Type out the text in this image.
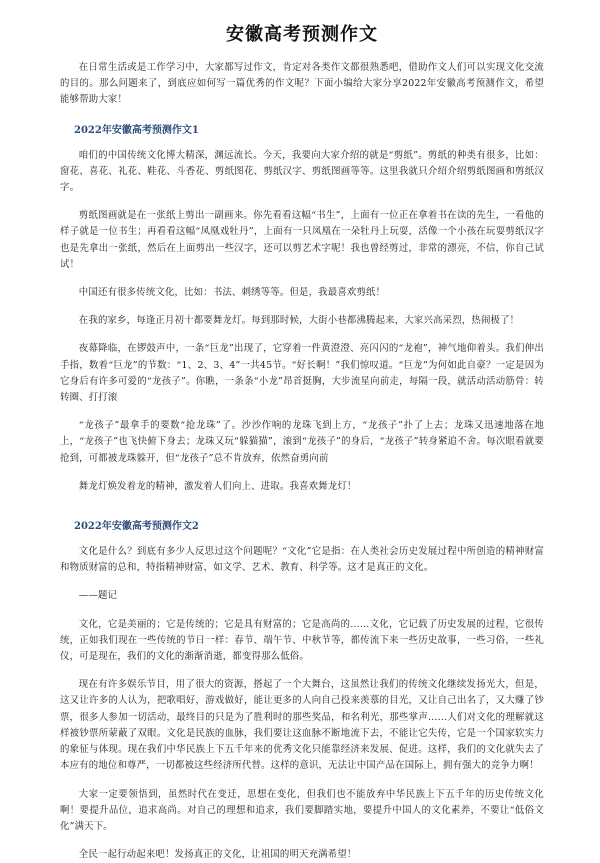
安徽高考预测作文

在日常生活或是工作学习中，大家都写过作文，肯定对各类作文都很熟悉吧，借助作文人们可以实现文化交流的目的。那么问题来了，到底应如何写一篇优秀的作文呢？下面小编给大家分享2022年安徽高考预测作文，希望能够帮助大家！

2022年安徽高考预测作文1

咱们的中国传统文化博大精深，渊远流长。今天，我要向大家介绍的就是“剪纸”。剪纸的种类有很多，比如：窗花、喜花、礼花、鞋花、斗香花、剪纸图花、剪纸汉字、剪纸图画等等。这里我就只介绍介绍剪纸图画和剪纸汉字。

剪纸图画就是在一张纸上剪出一副画来。你先看看这幅“书生”，上面有一位正在拿着书在读的先生，一看他的样子就是一位书生；再看看这幅“凤凰戏牡丹”，上面有一只凤凰在一朵牡丹上玩耍，活像一个小孩在玩耍剪纸汉字也是先拿出一张纸，然后在上面剪出一些汉字，还可以剪艺术字呢！我也曾经剪过，非常的漂亮，不信，你自己试试！

中国还有很多传统文化，比如：书法、刺绣等等。但是，我最喜欢剪纸！

在我的家乡，每逢正月初十都要舞龙灯。每到那时候，大街小巷都沸腾起来，大家兴高采烈，热闹极了！

夜幕降临，在锣鼓声中，一条“巨龙”出现了，它穿着一件黄澄澄、亮闪闪的“龙袍”，神气地仰着头。我们伸出手指，数着“巨龙”的节数：“1、2、3、4”一共45节。“好长啊！”我们惊叹道。“巨龙”为何如此自豪？一定是因为它身后有许多可爱的“龙孩子”。你瞧，一条条“小龙”昂首挺胸，大步流星向前走，每隔一段，就活动活动筋骨：转转圈、打打滚

“龙孩子”最拿手的要数“抢龙珠”了。沙沙作响的龙珠飞到上方，“龙孩子”扑了上去；龙珠又迅速地落在地上，“龙孩子”也飞快俯下身去；龙珠又玩“躲猫猫”，滚到“龙孩子”的身后，“龙孩子”转身紧追不舍。每次眼看就要抢到，可都被龙珠躲开，但“龙孩子”总不肯放弃，依然奋勇向前

舞龙灯焕发着龙的精神，激发着人们向上、进取。我喜欢舞龙灯！

2022年安徽高考预测作文2

文化是什么？到底有多少人反思过这个问题呢？“文化”它是指：在人类社会历史发展过程中所创造的精神财富和物质财富的总和，特指精神财富，如文学、艺术、教育、科学等。这才是真正的文化。

——题记

文化，它是美丽的；它是传统的；它是具有财富的；它是高尚的……文化，它记载了历史发展的过程，它很传统，正如我们现在一些传统的节日一样：春节、端午节、中秋节等，都传流下来一些历史故事，一些习俗，一些礼仪，可是现在，我们的文化的渐渐消逝，都变得那么低俗。

现在有许多娱乐节目，用了很大的资源，搭起了一个大舞台，这虽然让我们的传统文化继续发扬光大，但是，这又让许多的人认为，把歌唱好，游戏做好，能让更多的人向自己投来羡慕的目光，又让自己出名了，又大赚了钞票，很多人参加一切活动，最终目的只是为了胜利时的那些奖品，和名利光，那些掌声……人们对文化的理解就这样被钞票所蒙蔽了双眼。文化是民族的血脉，我们要让这血脉不断地流下去，不能让它失传，它是一个国家软实力的象征与体现。现在我们中华民族上下五千年来的优秀文化只能靠经济来发展、促进。这样，我们的文化就失去了本应有的地位和尊严，一切都被这些经济所代替。这样的意识，无法让中国产品在国际上，拥有强大的竞争力啊！

大家一定要领悟到，虽然时代在变迁，思想在变化，但我们也不能放弃中华民族上下五千年的历史传统文化啊！要提升品位，追求高尚。对自己的理想和追求，我们要脚踏实地，要提升中国人的文化素养，不要让“低俗文化”满天下。

全民一起行动起来吧！发扬真正的文化，让祖国的明天充满希望！
